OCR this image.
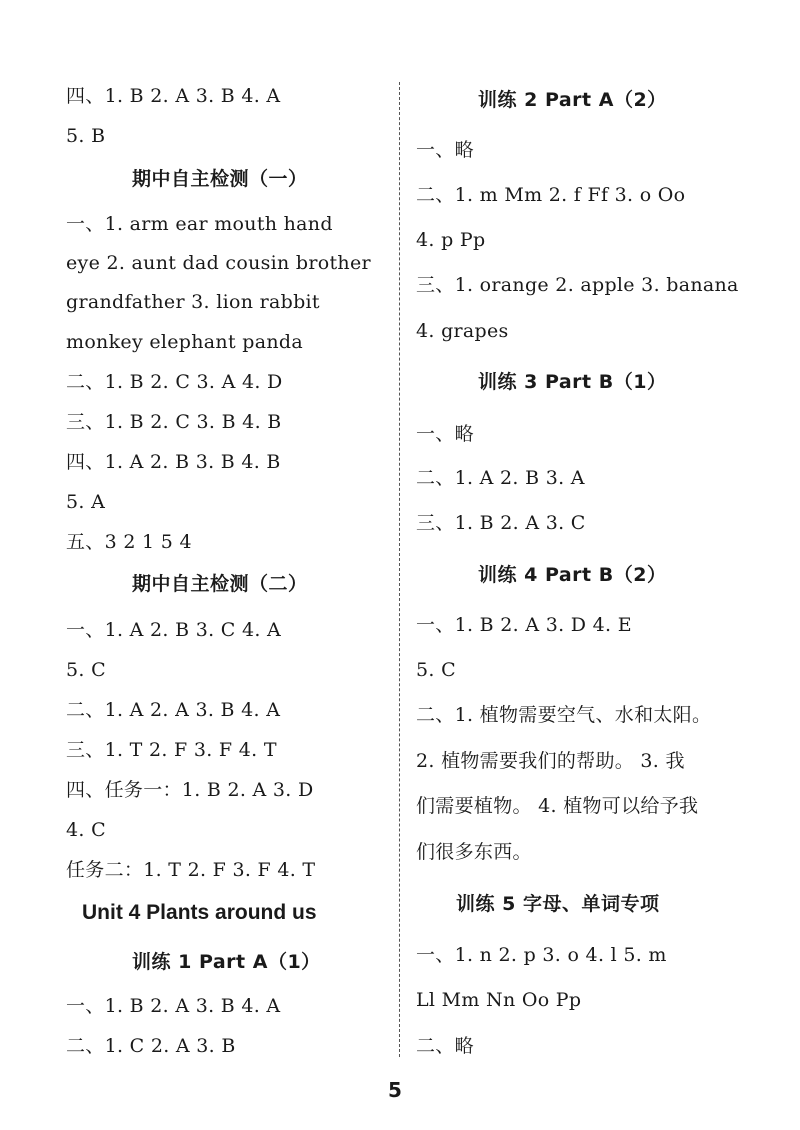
四、1. B 2. A 3. B 4. A
5. B
期中自主检测（一）
一、1. arm ear mouth hand
eye 2. aunt dad cousin brother
grandfather 3. lion rabbit
monkey elephant panda
二、1. B 2. C 3. A 4. D
三、1. B 2. C 3. B 4. B
四、1. A 2. B 3. B 4. B
5. A
五、3 2 1 5 4
期中自主检测（二）
一、1. A 2. B 3. C 4. A
5. C
二、1. A 2. A 3. B 4. A
三、1. T 2. F 3. F 4. T
四、任务一：1. B 2. A 3. D
4. C
任务二：1. T 2. F 3. F 4. T
Unit 4 Plants around us
训练 1 Part A（1）
一、1. B 2. A 3. B 4. A
二、1. C 2. A 3. B
训练 2 Part A（2）
一、略
二、1. m Mm 2. f Ff 3. o Oo
4. p Pp
三、1. orange 2. apple 3. banana
4. grapes
训练 3 Part B（1）
一、略
二、1. A 2. B 3. A
三、1. B 2. A 3. C
训练 4 Part B（2）
一、1. B 2. A 3. D 4. E
5. C
二、1. 植物需要空气、水和太阳。
2. 植物需要我们的帮助。 3. 我
们需要植物。 4. 植物可以给予我
们很多东西。
训练 5 字母、单词专项
一、1. n 2. p 3. o 4. l 5. m
Ll Mm Nn Oo Pp
二、略
5
